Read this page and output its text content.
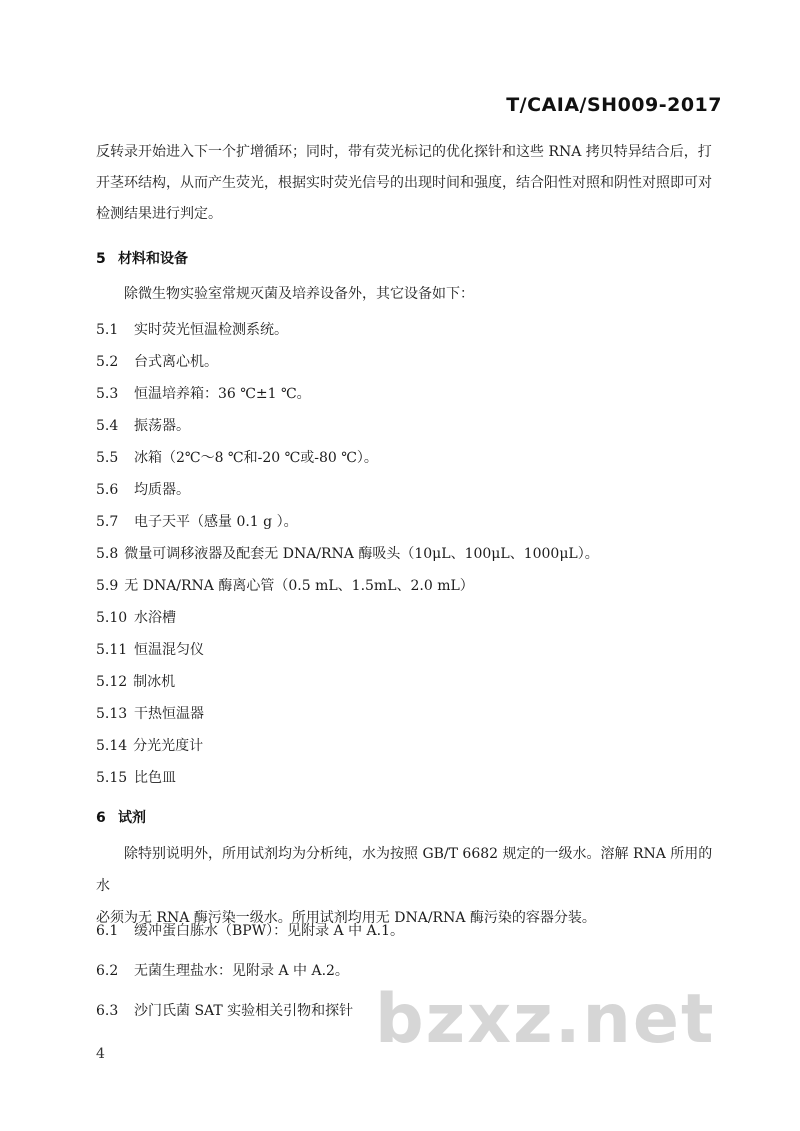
T/CAIA/SH009-2017
反转录开始进入下一个扩增循环；同时，带有荧光标记的优化探针和这些 RNA 拷贝特异结合后，打
开茎环结构，从而产生荧光，根据实时荧光信号的出现时间和强度，结合阳性对照和阴性对照即可对
检测结果进行判定。
5 材料和设备
除微生物实验室常规灭菌及培养设备外，其它设备如下：
5.1 实时荧光恒温检测系统。
5.2 台式离心机。
5.3 恒温培养箱：36 ℃±1 ℃。
5.4 振荡器。
5.5 冰箱（2℃～8 ℃和-20 ℃或-80 ℃）。
5.6 均质器。
5.7 电子天平（感量 0.1 g ）。
5.8 微量可调移液器及配套无 DNA/RNA 酶吸头（10μL、100μL、1000μL）。
5.9 无 DNA/RNA 酶离心管（0.5 mL、1.5mL、2.0 mL）
5.10 水浴槽
5.11 恒温混匀仪
5.12 制冰机
5.13 干热恒温器
5.14 分光光度计
5.15 比色皿
6 试剂
除特别说明外，所用试剂均为分析纯，水为按照 GB/T 6682 规定的一级水。溶解 RNA 所用的水
必须为无 RNA 酶污染一级水。所用试剂均用无 DNA/RNA 酶污染的容器分装。
6.1 缓冲蛋白胨水（BPW）：见附录 A 中 A.1。
6.2 无菌生理盐水：见附录 A 中 A.2。
6.3 沙门氏菌 SAT 实验相关引物和探针 bzxz.net
4
